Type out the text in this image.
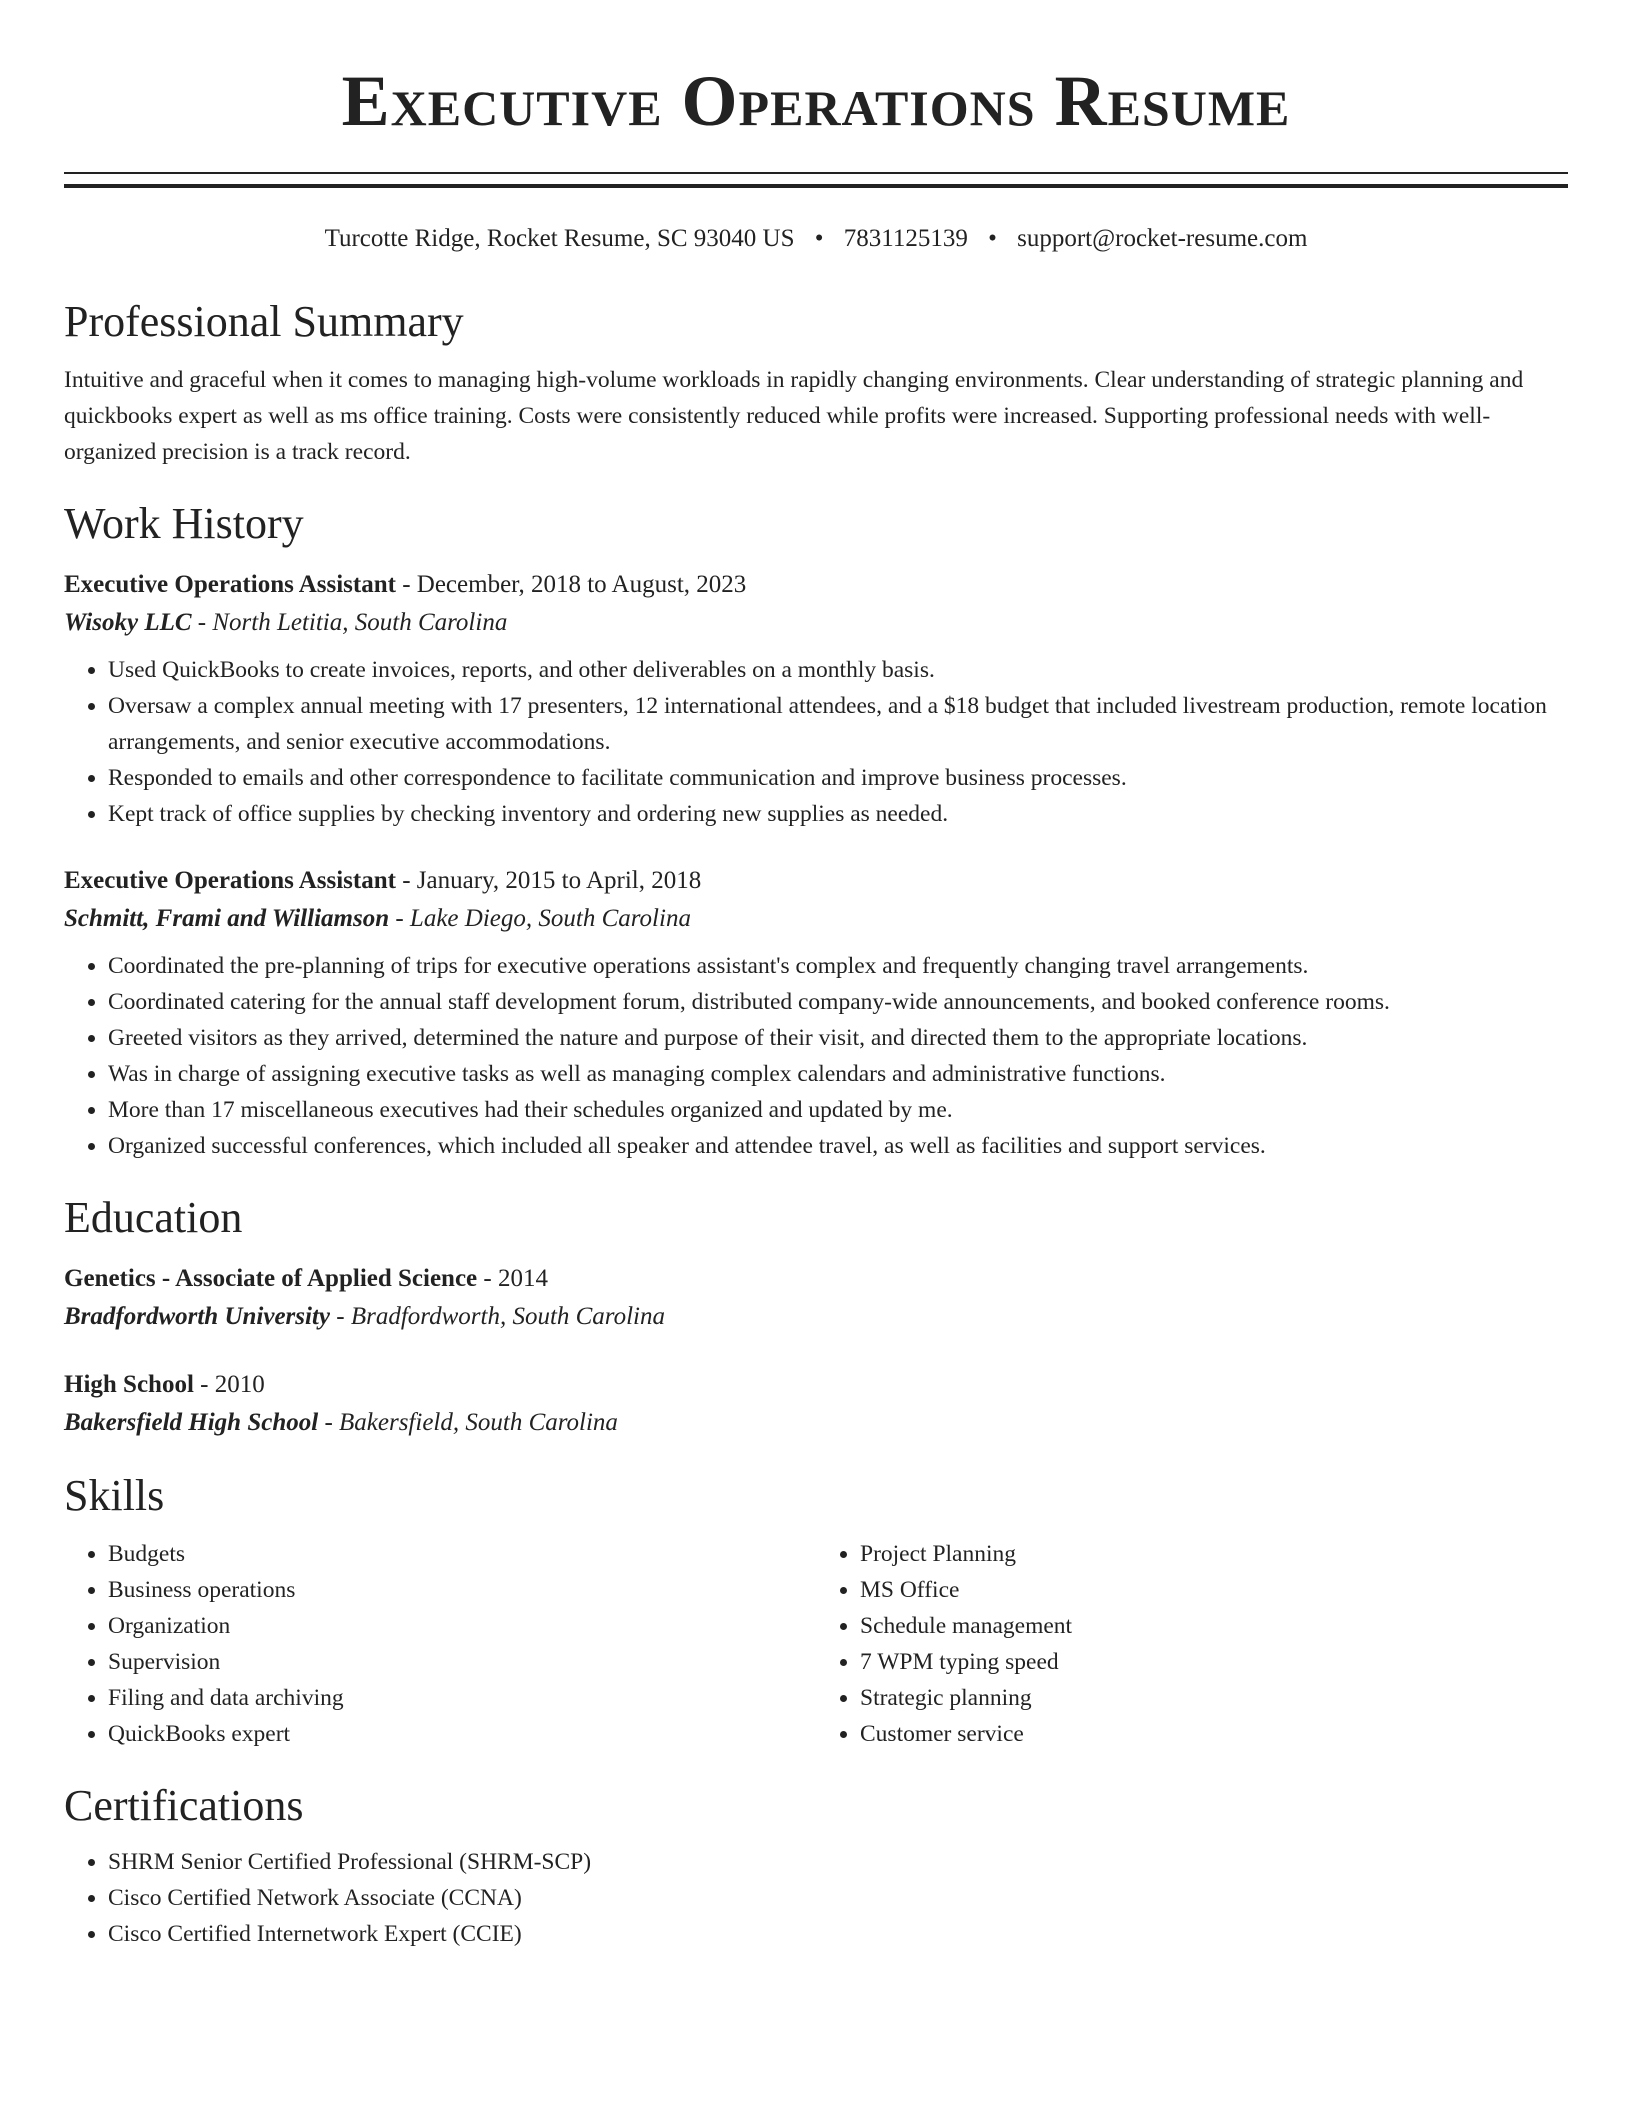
Executive Operations Resume
Turcotte Ridge, Rocket Resume, SC 93040 US • 7831125139 • support@rocket-resume.com
Professional Summary

Intuitive and graceful when it comes to managing high-volume workloads in rapidly changing environments. Clear understanding of strategic planning and quickbooks expert as well as ms office training. Costs were consistently reduced while profits were increased. Supporting professional needs with well-organized precision is a track record.

Work History
Executive Operations Assistant - December, 2018 to August, 2023
Wisoky LLC - North Letitia, South Carolina
• Used QuickBooks to create invoices, reports, and other deliverables on a monthly basis.
• Oversaw a complex annual meeting with 17 presenters, 12 international attendees, and a $18 budget that included livestream production, remote location arrangements, and senior executive accommodations.
• Responded to emails and other correspondence to facilitate communication and improve business processes.
• Kept track of office supplies by checking inventory and ordering new supplies as needed.
Executive Operations Assistant - January, 2015 to April, 2018
Schmitt, Frami and Williamson - Lake Diego, South Carolina
• Coordinated the pre-planning of trips for executive operations assistant's complex and frequently changing travel arrangements.
• Coordinated catering for the annual staff development forum, distributed company-wide announcements, and booked conference rooms.
• Greeted visitors as they arrived, determined the nature and purpose of their visit, and directed them to the appropriate locations.
• Was in charge of assigning executive tasks as well as managing complex calendars and administrative functions.
• More than 17 miscellaneous executives had their schedules organized and updated by me.
• Organized successful conferences, which included all speaker and attendee travel, as well as facilities and support services.
Education
Genetics - Associate of Applied Science - 2014
Bradfordworth University - Bradfordworth, South Carolina
High School - 2010
Bakersfield High School - Bakersfield, South Carolina
Skills
• Budgets
• Business operations
• Organization
• Supervision
• Filing and data archiving
• QuickBooks expert
• Project Planning
• MS Office
• Schedule management
• 7 WPM typing speed
• Strategic planning
• Customer service
Certifications
• SHRM Senior Certified Professional (SHRM-SCP)
• Cisco Certified Network Associate (CCNA)
• Cisco Certified Internetwork Expert (CCIE)
